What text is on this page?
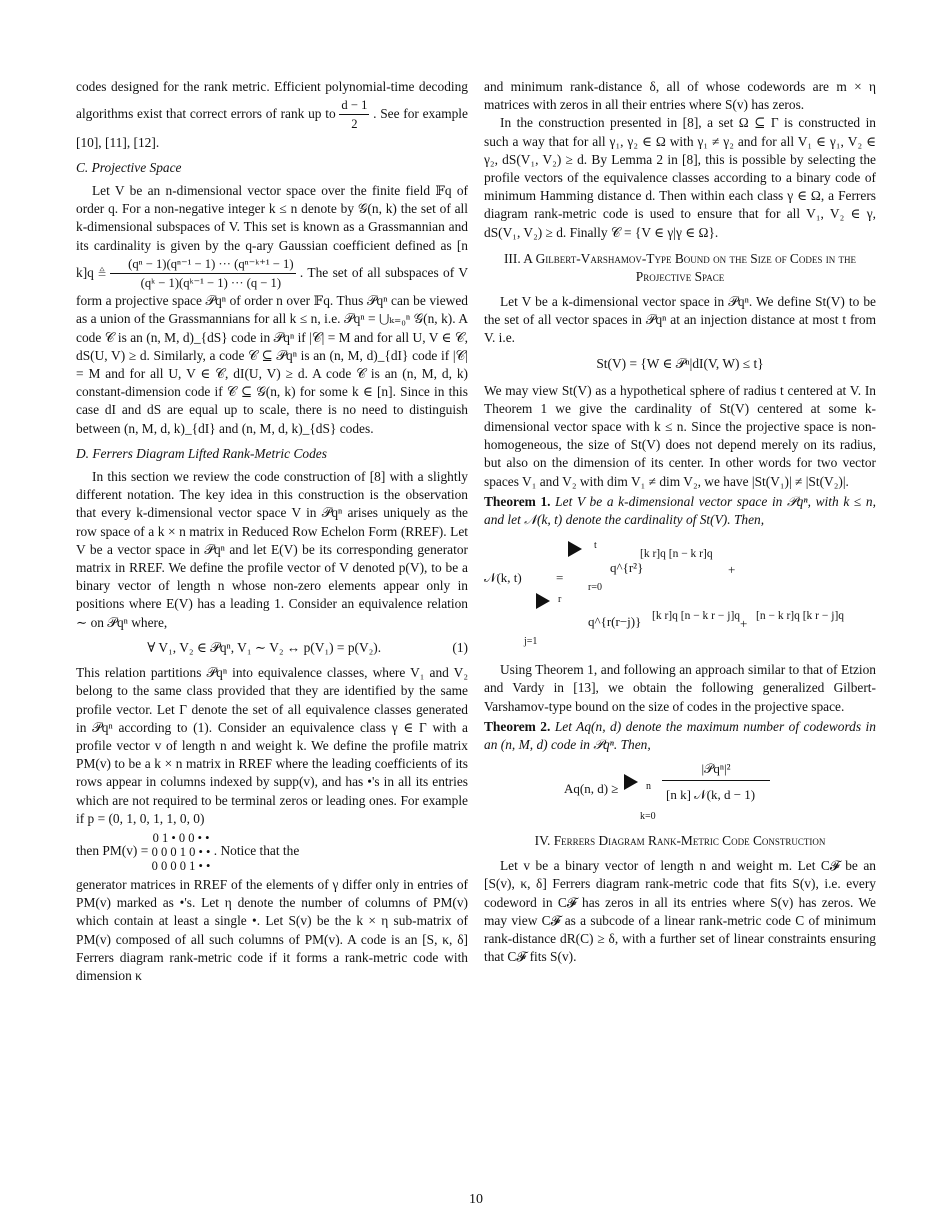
codes designed for the rank metric. Efficient polynomial-time decoding algorithms exist that correct errors of rank up to $\frac{d - 1}{2}$ . See for example [10], [11], [12].

C. Projective Space

Let V be an n-dimensional vector space over the finite field 𝔽q of order q. For a non-negative integer k ≤ n denote by 𝒢(n, k) the set of all k-dimensional subspaces of V. This set is known as a Grassmannian and its cardinality is given by the q-ary Gaussian coefficient defined as [n k]q ≜ $\frac{\text{(qⁿ − 1)(qⁿ⁻¹ − 1) ··· (qⁿ⁻ᵏ⁺¹ − 1)}}{\text{(qᵏ − 1)(qᵏ⁻¹ − 1) ··· (q − 1)}}$ . The set of all subspaces of V form a projective space 𝒫qⁿ of order n over 𝔽q. Thus 𝒫qⁿ can be viewed as a union of the Grassmannians for all k ≤ n, i.e. 𝒫qⁿ = ⋃ₖ₌₀ⁿ 𝒢(n, k). A code 𝒞 is an (n, M, d)_{dS} code in 𝒫qⁿ if |𝒞| = M and for all U, V ∈ 𝒞, dS(U, V) ≥ d. Similarly, a code 𝒞 ⊆ 𝒫qⁿ is an (n, M, d)_{dI} code if |𝒞| = M and for all U, V ∈ 𝒞, dI(U, V) ≥ d. A code 𝒞 is an (n, M, d, k) constant-dimension code if 𝒞 ⊆ 𝒢(n, k) for some k ∈ [n]. Since in this case dI and dS are equal up to scale, there is no need to distinguish between (n, M, d, k)_{dI} and (n, M, d, k)_{dS} codes.

D. Ferrers Diagram Lifted Rank-Metric Codes

In this section we review the code construction of [8] with a slightly different notation. The key idea in this construction is the observation that every k-dimensional vector space V in 𝒫qⁿ arises uniquely as the row space of a k × n matrix in Reduced Row Echelon Form (RREF). Let V be a vector space in 𝒫qⁿ and let E(V) be its corresponding generator matrix in RREF. We define the profile vector of V denoted p(V), to be a binary vector of length n whose non-zero elements appear only in positions where E(V) has a leading 1. Consider an equivalence relation ∼ on 𝒫qⁿ where,

∀ V₁, V₂ ∈ 𝒫qⁿ, V₁ ∼ V₂ ↔ p(V₁) = p(V₂).	(1)

This relation partitions 𝒫qⁿ into equivalence classes, where V₁ and V₂ belong to the same class provided that they are identified by the same profile vector. Let Γ denote the set of all equivalence classes generated in 𝒫qⁿ according to (1). Consider an equivalence class γ ∈ Γ with a profile vector v of length n and weight k. We define the profile matrix PM(v) to be a k × n matrix in RREF where the leading coefficients of its rows appear in columns indexed by supp(v), and has •'s in all its entries which are not required to be terminal zeros or leading ones. For example if p = (0, 1, 0, 1, 1, 0, 0)

then PM(v) =
0 1 • 0 0 • •
0 0 0 1 0 • •
0 0 0 0 1 • •
. Notice that the

generator matrices in RREF of the elements of γ differ only in entries of PM(v) marked as •'s. Let η denote the number of columns of PM(v) which contain at least a single •. Let S(v) be the k × η sub-matrix of PM(v) composed of all such columns of PM(v). A code is an [S, κ, δ] Ferrers diagram rank-metric code if it forms a rank-metric code with dimension κ

and minimum rank-distance δ, all of whose codewords are m × η matrices with zeros in all their entries where S(v) has zeros.

In the construction presented in [8], a set Ω ⊆ Γ is constructed in such a way that for all γ₁, γ₂ ∈ Ω with γ₁ ≠ γ₂ and for all V₁ ∈ γ₁, V₂ ∈ γ₂, dS(V₁, V₂) ≥ d. By Lemma 2 in [8], this is possible by selecting the profile vectors of the equivalence classes according to a binary code of minimum Hamming distance d. Then within each class γ ∈ Ω, a Ferrers diagram rank-metric code is used to ensure that for all V₁, V₂ ∈ γ, dS(V₁, V₂) ≥ d. Finally 𝒞 = {V ∈ γ|γ ∈ Ω}.

III. A Gilbert-Varshamov-Type Bound on the Size of Codes in the Projective Space

Let V be a k-dimensional vector space in 𝒫qⁿ. We define St(V) to be the set of all vector spaces in 𝒫qⁿ at an injection distance at most t from V. i.e.

St(V) = {W ∈ 𝒫ⁿ|dI(V, W) ≤ t}

We may view St(V) as a hypothetical sphere of radius t centered at V. In Theorem 1 we give the cardinality of St(V) centered at some k-dimensional vector space with k ≤ n. Since the projective space is non-homogeneous, the size of St(V) does not depend merely on its radius, but also on the dimension of its center. In other words for two vector spaces V₁ and V₂ with dim V₁ ≠ dim V₂, we have |St(V₁)| ≠ |St(V₂)|.

Theorem 1. Let V be a k-dimensional vector space in 𝒫qⁿ, with k ≤ n, and let 𝒩(k, t) denote the cardinality of St(V). Then,

𝒩(k, t)	=
t
r=0
q^{r²}
[k r]q [n − k r]q
+
r
j=1
q^{r(r−j)} [k r]q [n − k r − j]q + [n − k r]q [k r − j]q

Using Theorem 1, and following an approach similar to that of Etzion and Vardy in [13], we obtain the following generalized Gilbert-Varshamov-type bound on the size of codes in the projective space.

Theorem 2. Let Aq(n, d) denote the maximum number of codewords in an (n, M, d) code in 𝒫qⁿ. Then,

Aq(n, d) ≥	n
k=0
|𝒫qⁿ|²
[n k] 𝒩(k, d − 1)
IV. Ferrers Diagram Rank-Metric Code Construction

Let v be a binary vector of length n and weight m. Let C𝓕 be an [S(v), κ, δ] Ferrers diagram rank-metric code that fits S(v), i.e. every codeword in C𝓕 has zeros in all its entries where S(v) has zeros. We may view C𝓕 as a subcode of a linear rank-metric code C of minimum rank-distance dR(C) ≥ δ, with a further set of linear constraints ensuring that C𝓕 fits S(v).

10
